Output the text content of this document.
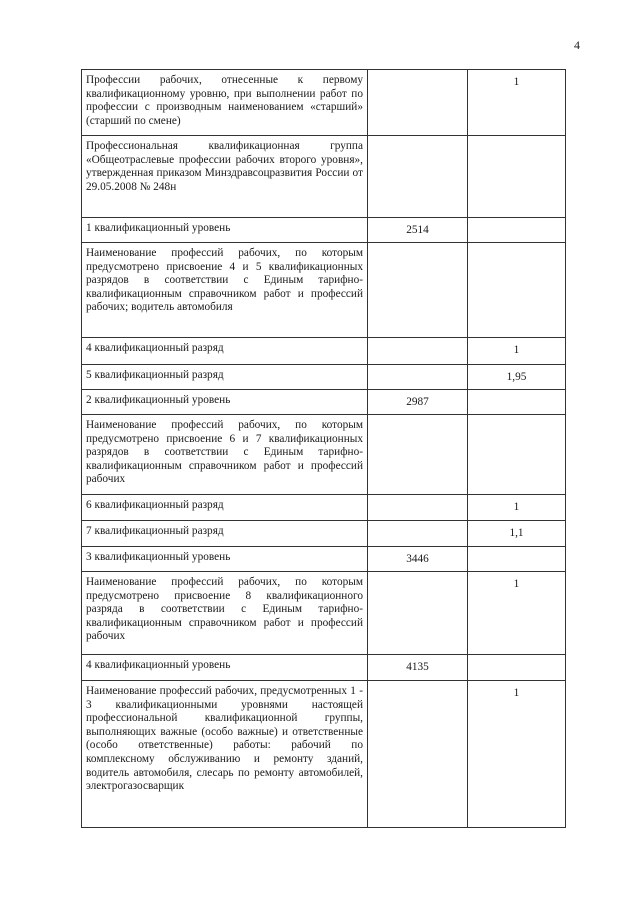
4
Профессии рабочих, отнесенные к первому квалификационному уровню, при выполнении работ по профессии с производным наименованием «старший» (старший по смене)		1
Профессиональная квалификационная группа «Общеотраслевые профессии рабочих второго уровня», утвержденная приказом Минздравсоцразвития России от 29.05.2008 № 248н		
1 квалификационный уровень	2514	
Наименование профессий рабочих, по которым предусмотрено присвоение 4 и 5 квалификационных разрядов в соответствии с Единым тарифно-квалификационным справочником работ и профессий рабочих; водитель автомобиля		
4 квалификационный разряд		1
5 квалификационный разряд		1,95
2 квалификационный уровень	2987	
Наименование профессий рабочих, по которым предусмотрено присвоение 6 и 7 квалификационных разрядов в соответствии с Единым тарифно-квалификационным справочником работ и профессий рабочих		
6 квалификационный разряд		1
7 квалификационный разряд		1,1
3 квалификационный уровень	3446	
Наименование профессий рабочих, по которым предусмотрено присвоение 8 квалификационного разряда в соответствии с Единым тарифно-квалификационным справочником работ и профессий рабочих		1
4 квалификационный уровень	4135	
Наименование профессий рабочих, предусмотренных 1 - 3 квалификационными уровнями настоящей профессиональной квалификационной группы, выполняющих важные (особо важные) и ответственные (особо ответственные) работы: рабочий по комплексному обслуживанию и ремонту зданий, водитель автомобиля, слесарь по ремонту автомобилей, электрогазосварщик		1
